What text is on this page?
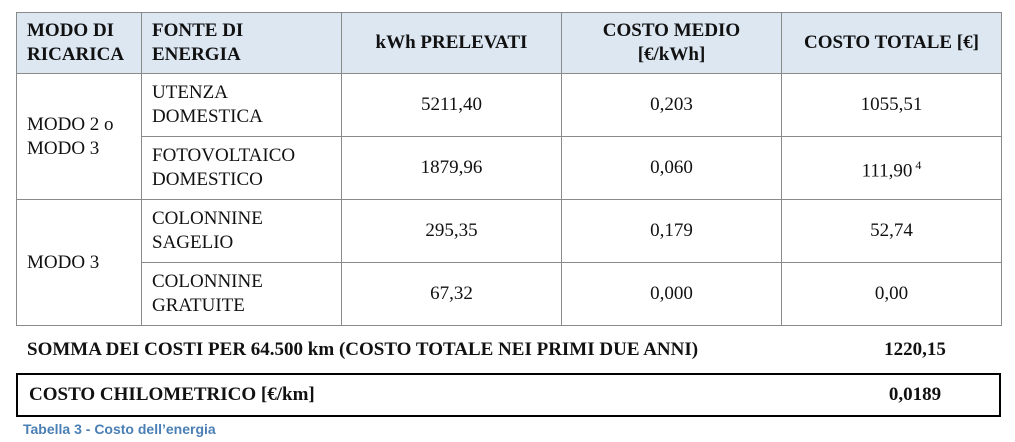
MODO DI RICARICA	FONTE DI ENERGIA	kWh PRELEVATI	COSTO MEDIO [€/kWh]	COSTO TOTALE [€]
MODO 2 o MODO 3	UTENZA DOMESTICA	5211,40	0,203	1055,51
	FOTOVOLTAICO DOMESTICO	1879,96	0,060	111,90 $^4$
MODO 3	COLONNINE SAGELIO	295,35	0,179	52,74
	COLONNINE GRATUITE	67,32	0,000	0,00
SOMMA DEI COSTI PER 64.500 km (COSTO TOTALE NEI PRIMI DUE ANNI)	1220,15
COSTO CHILOMETRICO [€/km]	0,0189
Tabella 3 - Costo dell’energia
